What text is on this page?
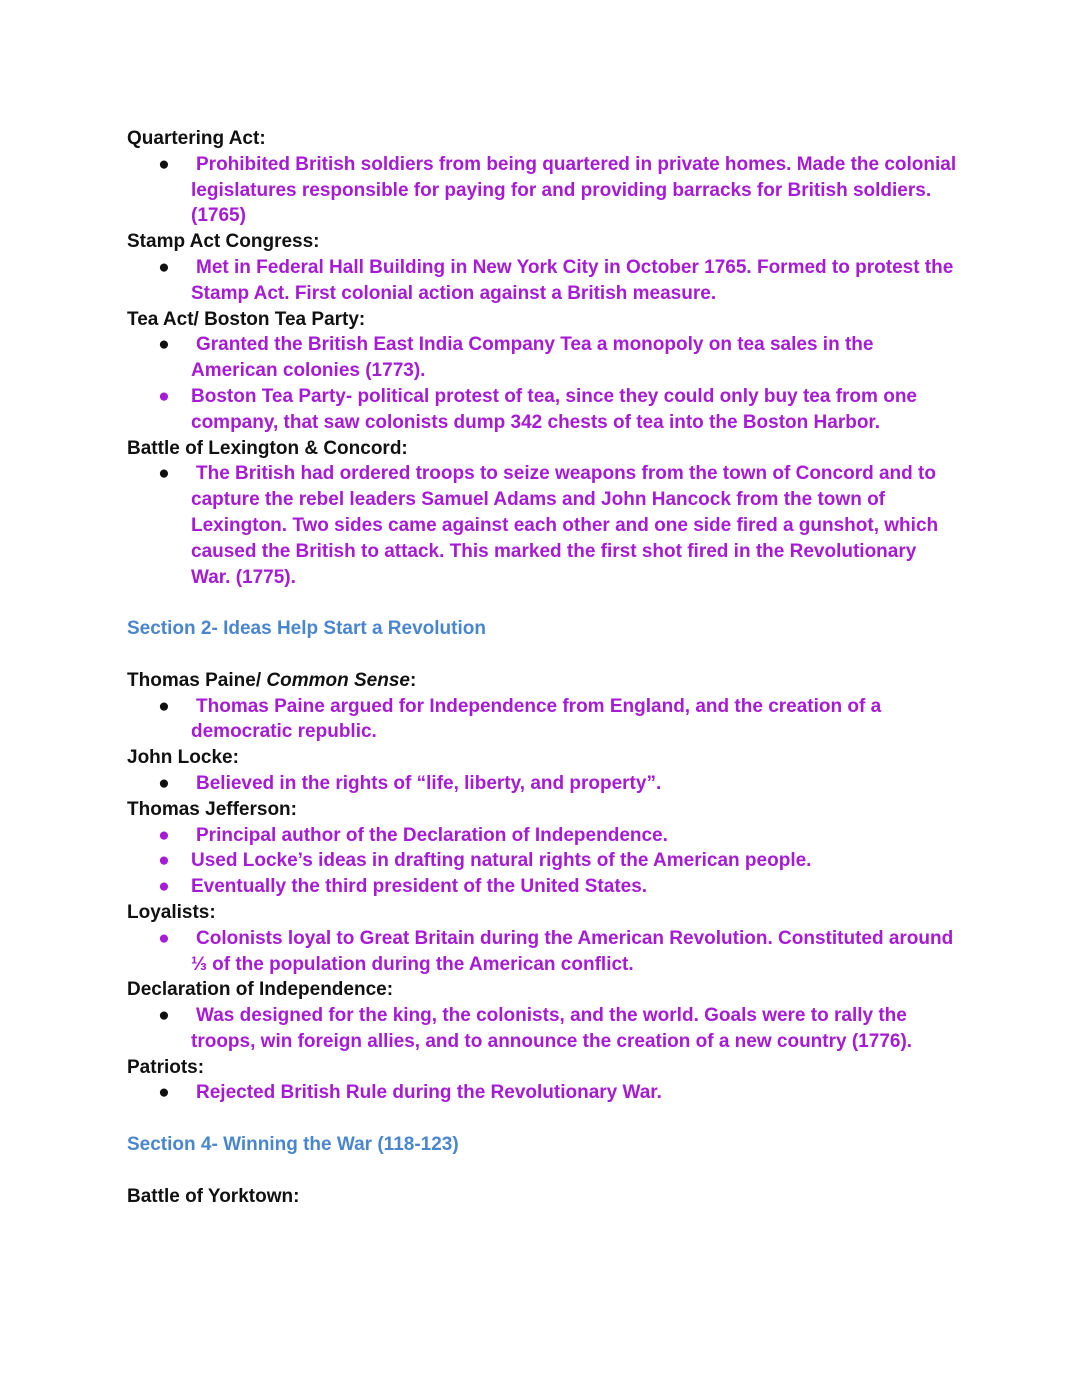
Quartering Act:
● Prohibited British soldiers from being quartered in private homes. Made the colonial legislatures responsible for paying for and providing barracks for British soldiers. (1765)
Stamp Act Congress:
● Met in Federal Hall Building in New York City in October 1765. Formed to protest the Stamp Act. First colonial action against a British measure.
Tea Act/ Boston Tea Party:
● Granted the British East India Company Tea a monopoly on tea sales in the American colonies (1773).
● Boston Tea Party- political protest of tea, since they could only buy tea from one company, that saw colonists dump 342 chests of tea into the Boston Harbor.
Battle of Lexington & Concord:
● The British had ordered troops to seize weapons from the town of Concord and to capture the rebel leaders Samuel Adams and John Hancock from the town of Lexington. Two sides came against each other and one side fired a gunshot, which caused the British to attack. This marked the first shot fired in the Revolutionary War. (1775).
Section 2- Ideas Help Start a Revolution
Thomas Paine/ Common Sense:
● Thomas Paine argued for Independence from England, and the creation of a democratic republic.
John Locke:
● Believed in the rights of “life, liberty, and property”.
Thomas Jefferson:
● Principal author of the Declaration of Independence.
● Used Locke’s ideas in drafting natural rights of the American people.
● Eventually the third president of the United States.
Loyalists:
● Colonists loyal to Great Britain during the American Revolution. Constituted around ⅓ of the population during the American conflict.
Declaration of Independence:
● Was designed for the king, the colonists, and the world. Goals were to rally the troops, win foreign allies, and to announce the creation of a new country (1776).
Patriots:
● Rejected British Rule during the Revolutionary War.
Section 4- Winning the War (118-123)
Battle of Yorktown:
